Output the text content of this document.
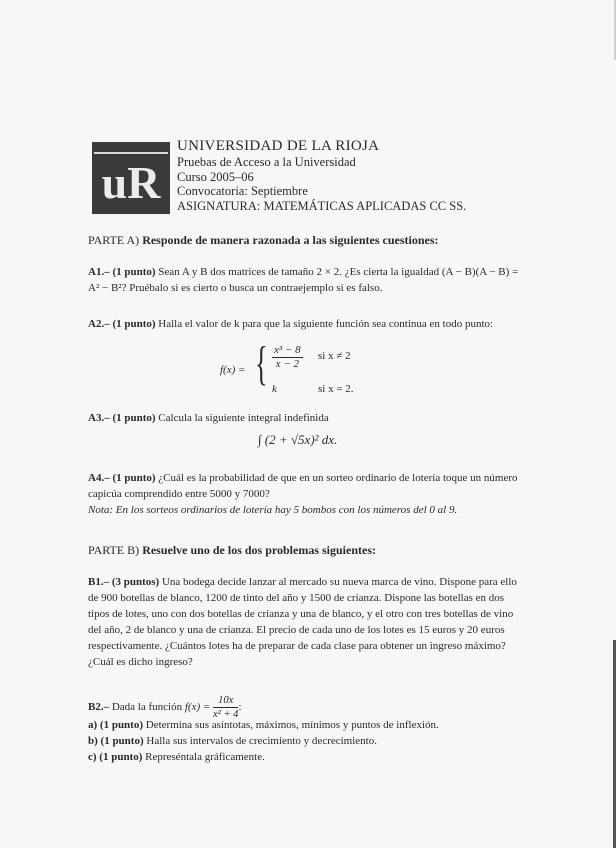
uR
UNIVERSIDAD DE LA RIOJA
Pruebas de Acceso a la Universidad
Curso 2005–06
Convocatoria: Septiembre
ASIGNATURA: MATEMÁTICAS APLICADAS CC SS.
PARTE A) Responde de manera razonada a las siguientes cuestiones:
A1.– (1 punto) Sean A y B dos matrices de tamaño 2 × 2. ¿Es cierta la igualdad (A − B)(A − B) = A² − B²? Pruébalo si es cierto o busca un contraejemplo si es falso.
A2.– (1 punto) Halla el valor de k para que la siguiente función sea continua en todo punto:
f(x) = { $\frac{\text{x³ − 8}}{x - 2}$ si x ≠ 2
k	si x = 2.
A3.– (1 punto) Calcula la siguiente integral indefinida
∫ (2 + √5x)² dx.
A4.– (1 punto) ¿Cuál es la probabilidad de que en un sorteo ordinario de lotería toque un número capicúa comprendido entre 5000 y 7000?
Nota: En los sorteos ordinarios de lotería hay 5 bombos con los números del 0 al 9.
PARTE B) Resuelve uno de los dos problemas siguientes:
B1.– (3 puntos) Una bodega decide lanzar al mercado su nueva marca de vino. Dispone para ello de 900 botellas de blanco, 1200 de tinto del año y 1500 de crianza. Dispone las botellas en dos tipos de lotes, uno con dos botellas de crianza y una de blanco, y el otro con tres botellas de vino del año, 2 de blanco y una de crianza. El precio de cada uno de los lotes es 15 euros y 20 euros respectivamente. ¿Cuántos lotes ha de preparar de cada clase para obtener un ingreso máximo? ¿Cuál es dicho ingreso?
B2.– Dada la función $f(x) = \frac{10x}{\text{x² + 4}}$ :
a) (1 punto) Determina sus asíntotas, máximos, mínimos y puntos de inflexión.
b) (1 punto) Halla sus intervalos de crecimiento y decrecimiento.
c) (1 punto) Represéntala gráficamente.
